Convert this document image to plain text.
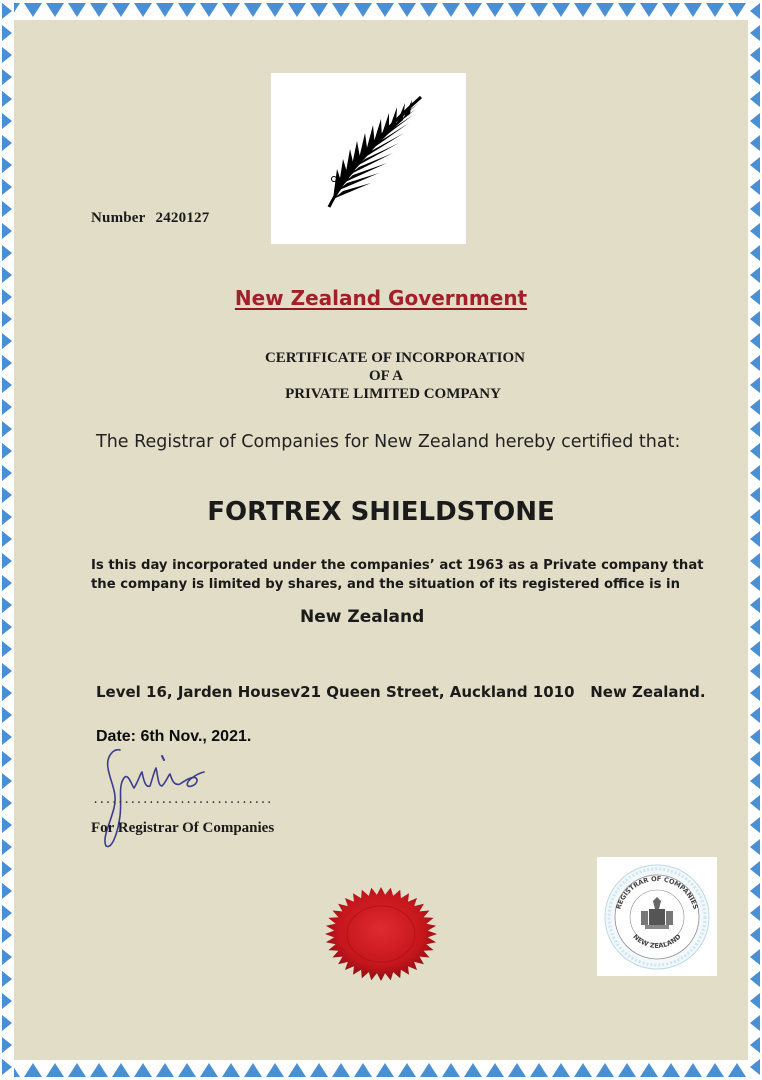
Number 2420127
New Zealand Government
CERTIFICATE OF INCORPORATION
OF A
PRIVATE LIMITED COMPANY
The Registrar of Companies for New Zealand hereby certified that:
FORTREX SHIELDSTONE
Is this day incorporated under the companies’ act 1963 as a Private company that
the company is limited by shares, and the situation of its registered office is in
New Zealand
Level 16, Jarden Housev21 Queen Street, Auckland 1010   New Zealand.
Date: 6th Nov., 2021.
.............................
For Registrar Of Companies
REGISTRAR OF COMPANIES
NEW ZEALAND
